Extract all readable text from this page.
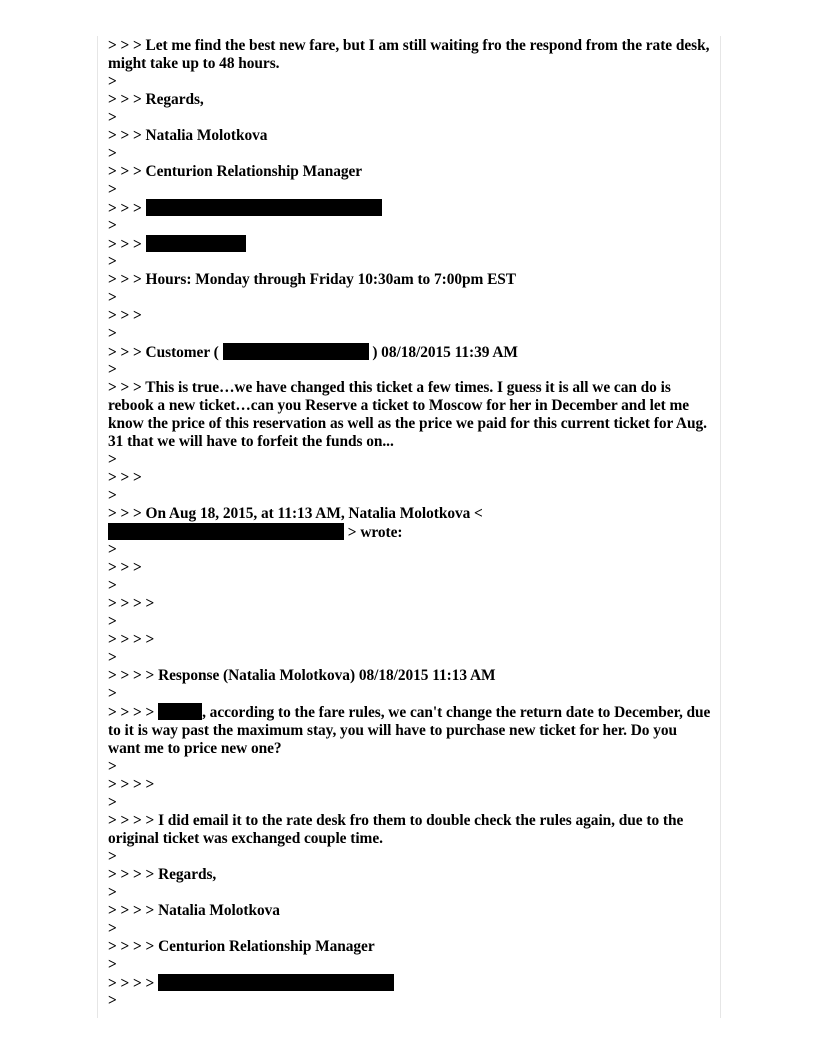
> > > Let me find the best new fare, but I am still waiting fro the respond from the rate desk, might take up to 48 hours.
>
> > > Regards,
>
> > > Natalia Molotkova
>
> > > Centurion Relationship Manager
>
> > >
>
> > >
>
> > > Hours: Monday through Friday 10:30am to 7:00pm EST
>
> > >
>
> > > Customer (	) 08/18/2015 11:39 AM
>
> > > This is true…we have changed this ticket a few times. I guess it is all we can do is rebook a new ticket…can you Reserve a ticket to Moscow for her in December and let me know the price of this reservation as well as the price we paid for this current ticket for Aug. 31 that we will have to forfeit the funds on...
>
> > >
>
> > > On Aug 18, 2015, at 11:13 AM, Natalia Molotkova <
> wrote:
>
> > >
>
> > > >
>
> > > >
>
> > > > Response (Natalia Molotkova) 08/18/2015 11:13 AM
>
> > > >	, according to the fare rules, we can't change the return date to December, due to it is way past the maximum stay, you will have to purchase new ticket for her. Do you want me to price new one?
>
> > > >
>
> > > > I did email it to the rate desk fro them to double check the rules again, due to the original ticket was exchanged couple time.
>
> > > > Regards,
>
> > > > Natalia Molotkova
>
> > > > Centurion Relationship Manager
>
> > > >
>
